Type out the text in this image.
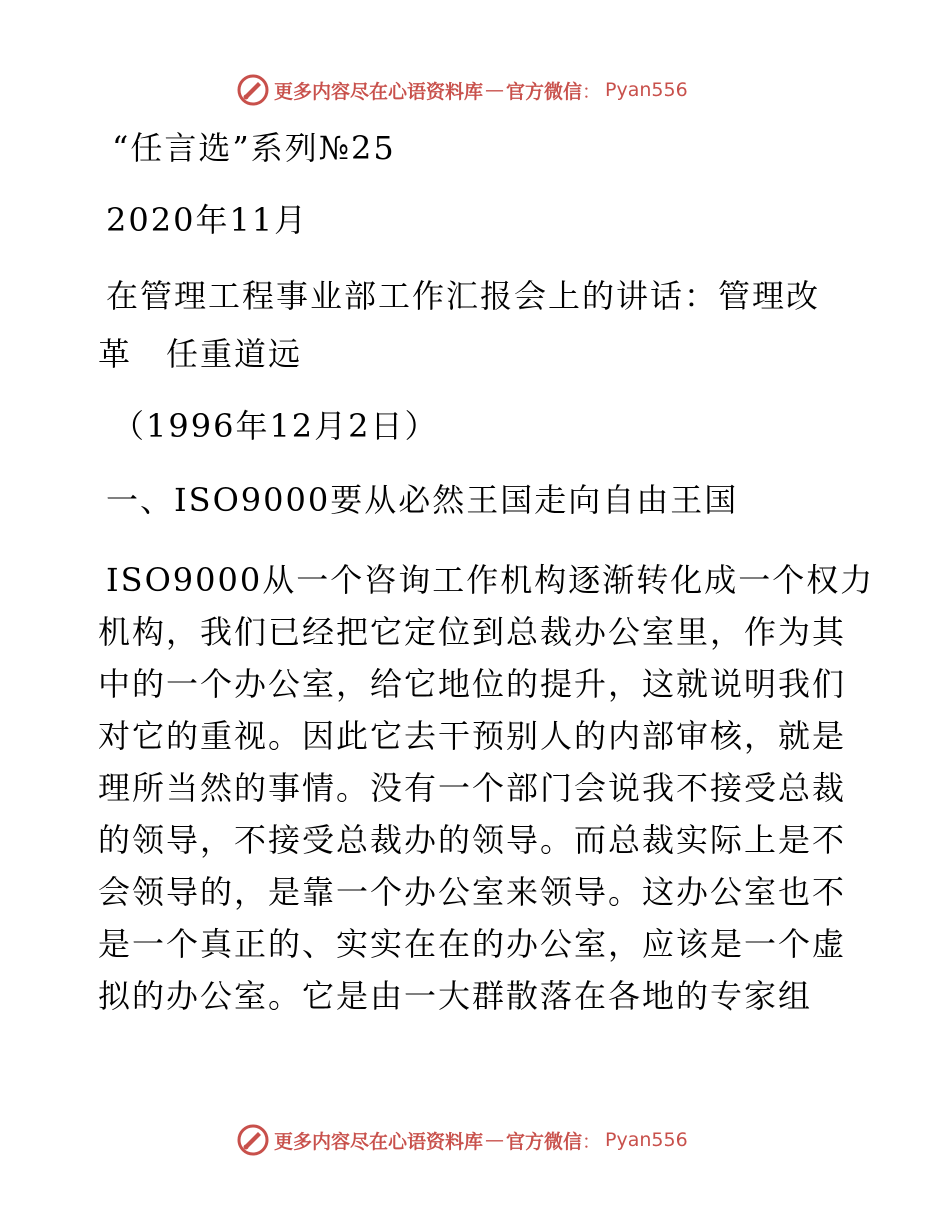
更多内容尽在心语资料库 — 官方微信 ： Pyan556
“任言选”系列№25
2020年11月
在管理工程事业部工作汇报会上的讲话：管理改
革　任重道远
（1996年12月2日）
一、ISO9000要从必然王国走向自由王国

ISO9000从一个咨询工作机构逐渐转化成一个权力

机构，我们已经把它定位到总裁办公室里，作为其

中的一个办公室，给它地位的提升，这就说明我们

对它的重视。因此它去干预别人的内部审核，就是

理所当然的事情。没有一个部门会说我不接受总裁

的领导，不接受总裁办的领导。而总裁实际上是不

会领导的，是靠一个办公室来领导。这办公室也不

是一个真正的、实实在在的办公室，应该是一个虚

拟的办公室。它是由一大群散落在各地的专家组

更多内容尽在心语资料库 — 官方微信 ： Pyan556
